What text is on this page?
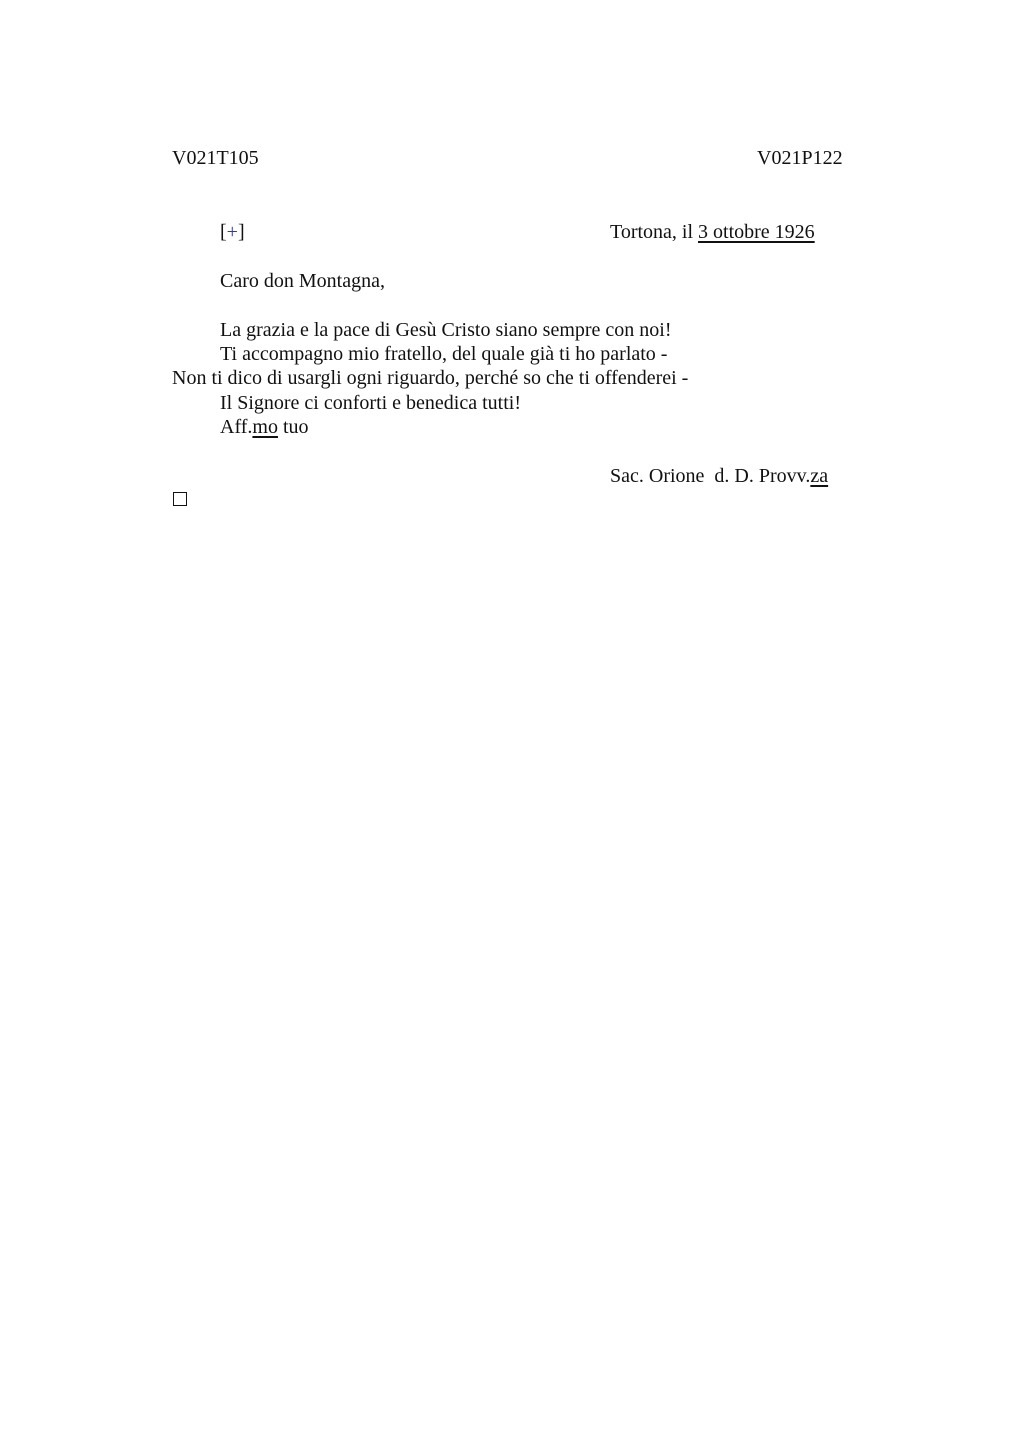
V021T105	V021P122
[+]	Tortona, il 3 ottobre 1926
Caro don Montagna,
La grazia e la pace di Gesù Cristo siano sempre con noi!
Ti accompagno mio fratello, del quale già ti ho parlato -
Non ti dico di usargli ogni riguardo, perché so che ti offenderei -
Il Signore ci conforti e benedica tutti!
Aff.mo tuo
Sac. Orione  d. D. Provv.za
